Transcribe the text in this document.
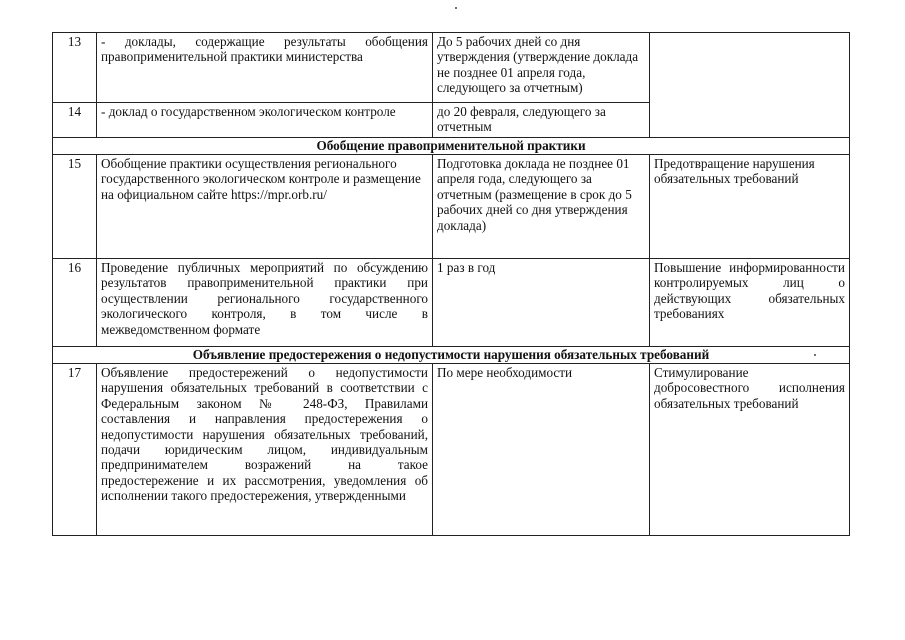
13	- доклады, содержащие результаты обобщения правоприменительной практики министерства	До 5 рабочих дней со дня утверждения (утверждение доклада не позднее 01 апреля года, следующего за отчетным)	
14	- доклад о государственном экологическом контроле	до 20 февраля, следующего за отчетным	
Обобщение правоприменительной практики			
15	Обобщение практики осуществления регионального государственного экологическом контроле и размещение на официальном сайте https://mpr.orb.ru/	Подготовка доклада не позднее 01 апреля года, следующего за отчетным (размещение в срок до 5 рабочих дней со дня утверждения доклада)	Предотвращение нарушения обязательных требований
16	Проведение публичных мероприятий по обсуждению результатов правоприменительной практики при осуществлении регионального государственного экологического контроля, в том числе в межведомственном формате	1 раз в год	Повышение информированности контролируемых лиц о действующих обязательных требованиях
Объявление предостережения о недопустимости нарушения обязательных требований			
17	Объявление предостережений о недопустимости нарушения обязательных требований в соответствии с Федеральным законом № 248-ФЗ, Правилами составления и направления предостережения о недопустимости нарушения обязательных требований, подачи юридическим лицом, индивидуальным предпринимателем возражений на такое предостережение и их рассмотрения, уведомления об исполнении такого предостережения, утвержденными	По мере необходимости	Стимулирование добросовестного исполнения обязательных требований
